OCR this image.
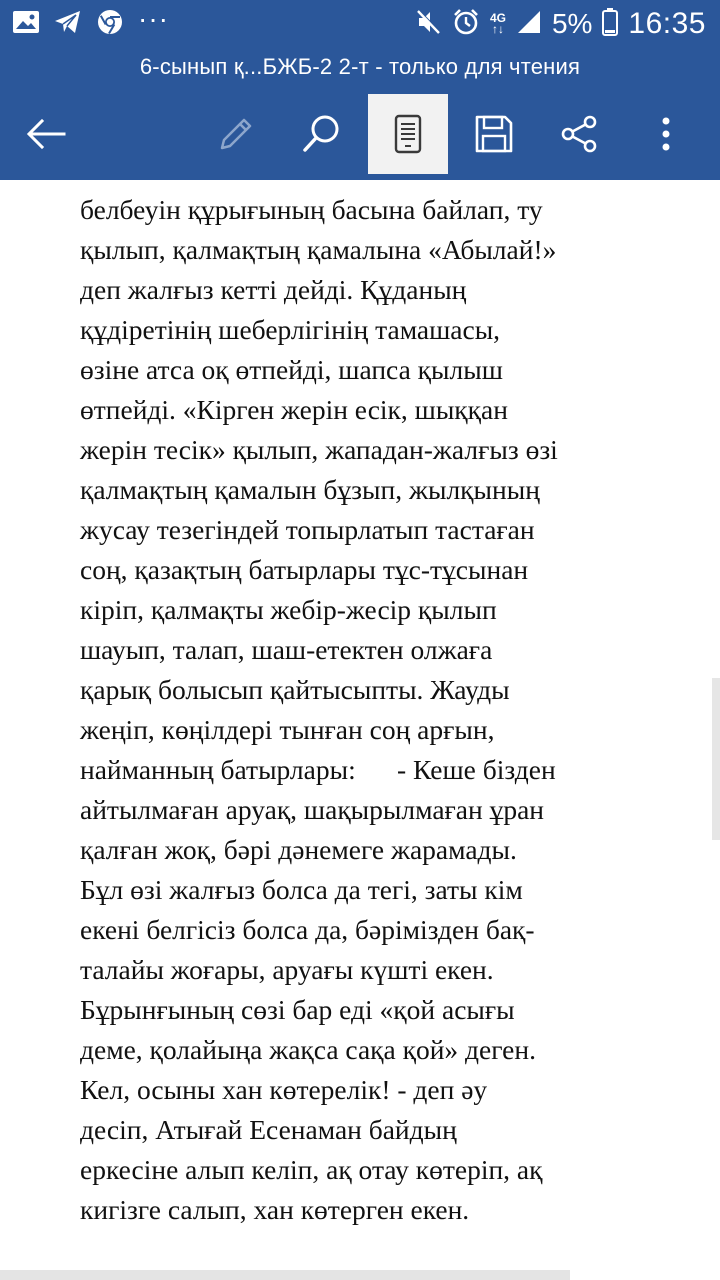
···	4G
↑↓ 5% 16:35
6-сынып қ...БЖБ-2 2-т - только для чтения
белбеуін құрығының басына байлап, ту
қылып, қалмақтың қамалына «Абылай!»
деп жалғыз кетті дейді. Құданың
құдіретінің шеберлігінің тамашасы,
өзіне атса оқ өтпейді, шапса қылыш
өтпейді. «Кірген жерін есік, шыққан
жерін тесік» қылып, жападан-жалғыз өзі
қалмақтың қамалын бұзып, жылқының
жусау тезегіндей топырлатып тастаған
соң, қазақтың батырлары тұс-тұсынан
кіріп, қалмақты жебір-жесір қылып
шауып, талап, шаш-етектен олжаға
қарық болысып қайтысыпты. Жауды
жеңіп, көңілдері тынған соң арғын,
найманның батырлары:      - Кеше бізден
айтылмаған аруақ, шақырылмаған ұран
қалған жоқ, бәрі дәнемеге жарамады.
Бұл өзі жалғыз болса да тегі, заты кім
екені белгісіз болса да, бәрімізден бақ-
талайы жоғары, аруағы күшті екен.
Бұрынғының сөзі бар еді «қой асығы
деме, қолайыңа жақса сақа қой» деген.
Кел, осыны хан көтерелік! - деп әу
десіп, Атығай Есенаман байдың
еркесіне алып келіп, ақ отау көтеріп, ақ
кигізге салып, хан көтерген екен.
